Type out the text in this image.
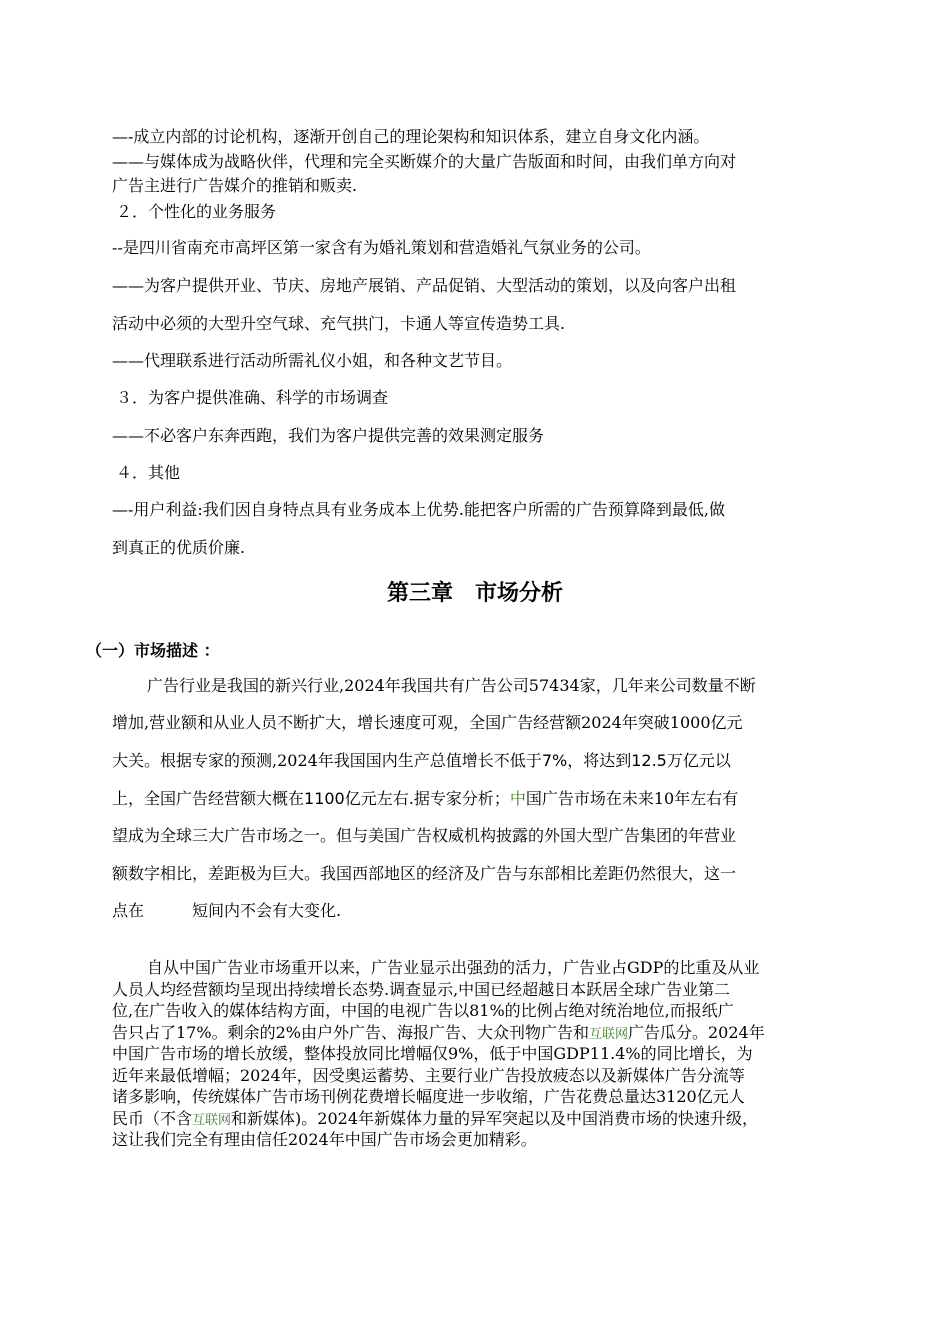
—-成立内部的讨论机构，逐渐开创自己的理论架构和知识体系，建立自身文化内涵。
——与媒体成为战略伙伴，代理和完全买断媒介的大量广告版面和时间，由我们单方向对
广告主进行广告媒介的推销和贩卖.
２．个性化的业务服务
--是四川省南充市高坪区第一家含有为婚礼策划和营造婚礼气氛业务的公司。
——为客户提供开业、节庆、房地产展销、产品促销、大型活动的策划，以及向客户出租
活动中必须的大型升空气球、充气拱门，卡通人等宣传造势工具.
——代理联系进行活动所需礼仪小姐，和各种文艺节目。
３．为客户提供准确、科学的市场调查
——不必客户东奔西跑，我们为客户提供完善的效果测定服务
４．其他
—-用户利益:我们因自身特点具有业务成本上优势.能把客户所需的广告预算降到最低,做
到真正的优质价廉.
第三章　市场分析
（一）市场描述 ：
广告行业是我国的新兴行业,2024年我国共有广告公司57434家，几年来公司数量不断
增加,营业额和从业人员不断扩大，增长速度可观，全国广告经营额2024年突破1000亿元
大关。根据专家的预测,2024年我国国内生产总值增长不低于7%，将达到12.5万亿元以
上，全国广告经营额大概在1100亿元左右.据专家分析；中国广告市场在未来10年左右有
望成为全球三大广告市场之一。但与美国广告权威机构披露的外国大型广告集团的年营业
额数字相比，差距极为巨大。我国西部地区的经济及广告与东部相比差距仍然很大，这一
点在	短间内不会有大变化.
自从中国广告业市场重开以来，广告业显示出强劲的活力，广告业占GDP的比重及从业
人员人均经营额均呈现出持续增长态势.调查显示,中国已经超越日本跃居全球广告业第二
位,在广告收入的媒体结构方面，中国的电视广告以81%的比例占绝对统治地位,而报纸广
告只占了17%。剩余的2%由户外广告、海报广告、大众刊物广告和互联网广告瓜分。2024年
中国广告市场的增长放缓，整体投放同比增幅仅9%，低于中国GDP11.4%的同比增长，为
近年来最低增幅；2024年，因受奥运蓄势、主要行业广告投放疲态以及新媒体广告分流等
诸多影响，传统媒体广告市场刊例花费增长幅度进一步收缩，广告花费总量达3120亿元人
民币（不含互联网和新媒体)。2024年新媒体力量的异军突起以及中国消费市场的快速升级，
这让我们完全有理由信任2024年中国广告市场会更加精彩。
